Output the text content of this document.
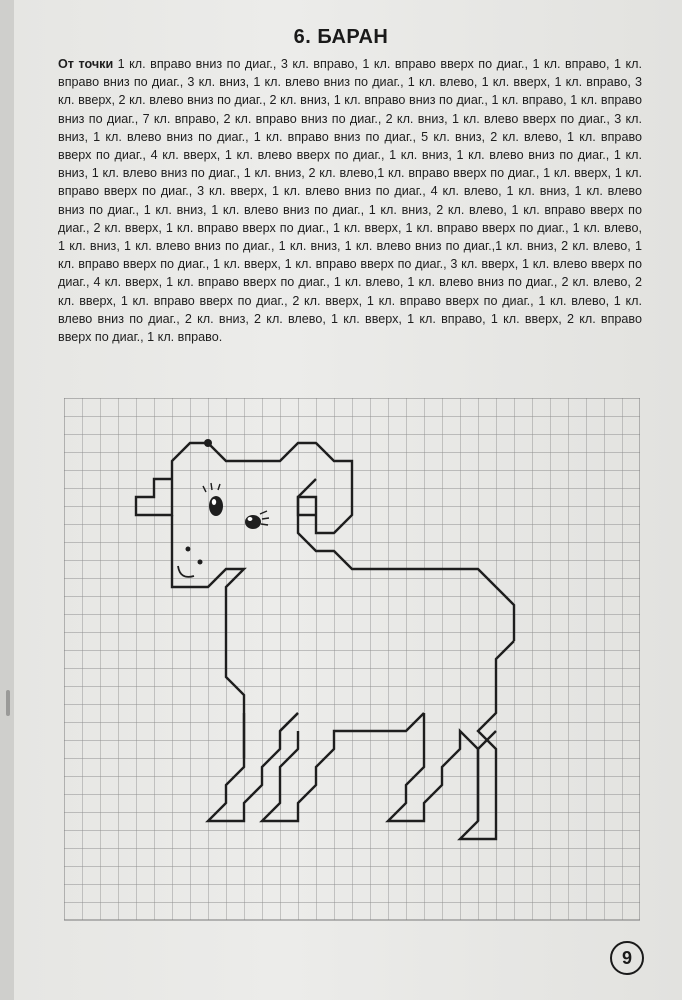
6. БАРАН
От точки 1 кл. вправо вниз по диаг., 3 кл. вправо, 1 кл. вправо вверх по диаг., 1 кл. вправо, 1 кл. вправо вниз по диаг., 3 кл. вниз, 1 кл. влево вниз по диаг., 1 кл. влево, 1 кл. вверх, 1 кл. вправо, 3 кл. вверх, 2 кл. влево вниз по диаг., 2 кл. вниз, 1 кл. вправо вниз по диаг., 1 кл. вправо, 1 кл. вправо вниз по диаг., 7 кл. вправо, 2 кл. вправо вниз по диаг., 2 кл. вниз, 1 кл. влево вверх по диаг., 3 кл. вниз, 1 кл. влево вниз по диаг., 1 кл. вправо вниз по диаг., 5 кл. вниз, 2 кл. влево, 1 кл. вправо вверх по диаг., 4 кл. вверх, 1 кл. влево вверх по диаг., 1 кл. вниз, 1 кл. влево вниз по диаг., 1 кл. вниз, 1 кл. влево вниз по диаг., 1 кл. вниз, 2 кл. влево,1 кл. вправо вверх по диаг., 1 кл. вверх, 1 кл. вправо вверх по диаг., 3 кл. вверх, 1 кл. влево вниз по диаг., 4 кл. влево, 1 кл. вниз, 1 кл. влево вниз по диаг., 1 кл. вниз, 1 кл. влево вниз по диаг., 1 кл. вниз, 2 кл. влево, 1 кл. вправо вверх по диаг., 2 кл. вверх, 1 кл. вправо вверх по диаг., 1 кл. вверх, 1 кл. вправо вверх по диаг., 1 кл. влево, 1 кл. вниз, 1 кл. влево вниз по диаг., 1 кл. вниз, 1 кл. влево вниз по диаг.,1 кл. вниз, 2 кл. влево, 1 кл. вправо вверх по диаг., 1 кл. вверх, 1 кл. вправо вверх по диаг., 3 кл. вверх, 1 кл. влево вверх по диаг., 4 кл. вверх, 1 кл. вправо вверх по диаг., 1 кл. влево, 1 кл. влево вниз по диаг., 2 кл. влево, 2 кл. вверх, 1 кл. вправо вверх по диаг., 2 кл. вверх, 1 кл. вправо вверх по диаг., 1 кл. влево, 1 кл. влево вниз по диаг., 2 кл. вниз, 2 кл. влево, 1 кл. вверх, 1 кл. вправо, 1 кл. вверх, 2 кл. вправо вверх по диаг., 1 кл. вправо.
9
